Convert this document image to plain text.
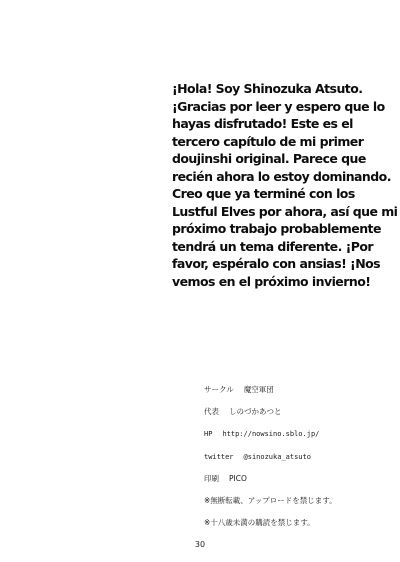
¡Hola! Soy Shinozuka Atsuto.
¡Gracias por leer y espero que lo
hayas disfrutado! Este es el
tercero capítulo de mi primer
doujinshi original. Parece que
recién ahora lo estoy dominando.
Creo que ya terminé con los
Lustful Elves por ahora, así que mi
próximo trabajo probablemente
tendrá un tema diferente. ¡Por
favor, espéralo con ansias! ¡Nos
vemos en el próximo invierno!
サークル 魔空軍団
代表 しのづかあつと
HP http://nowsino.sblo.jp/
twitter @sinozuka_atsuto
印刷 PICO
※無断転載、アップロードを禁じます。
※十八歳未満の購読を禁じます。
30
